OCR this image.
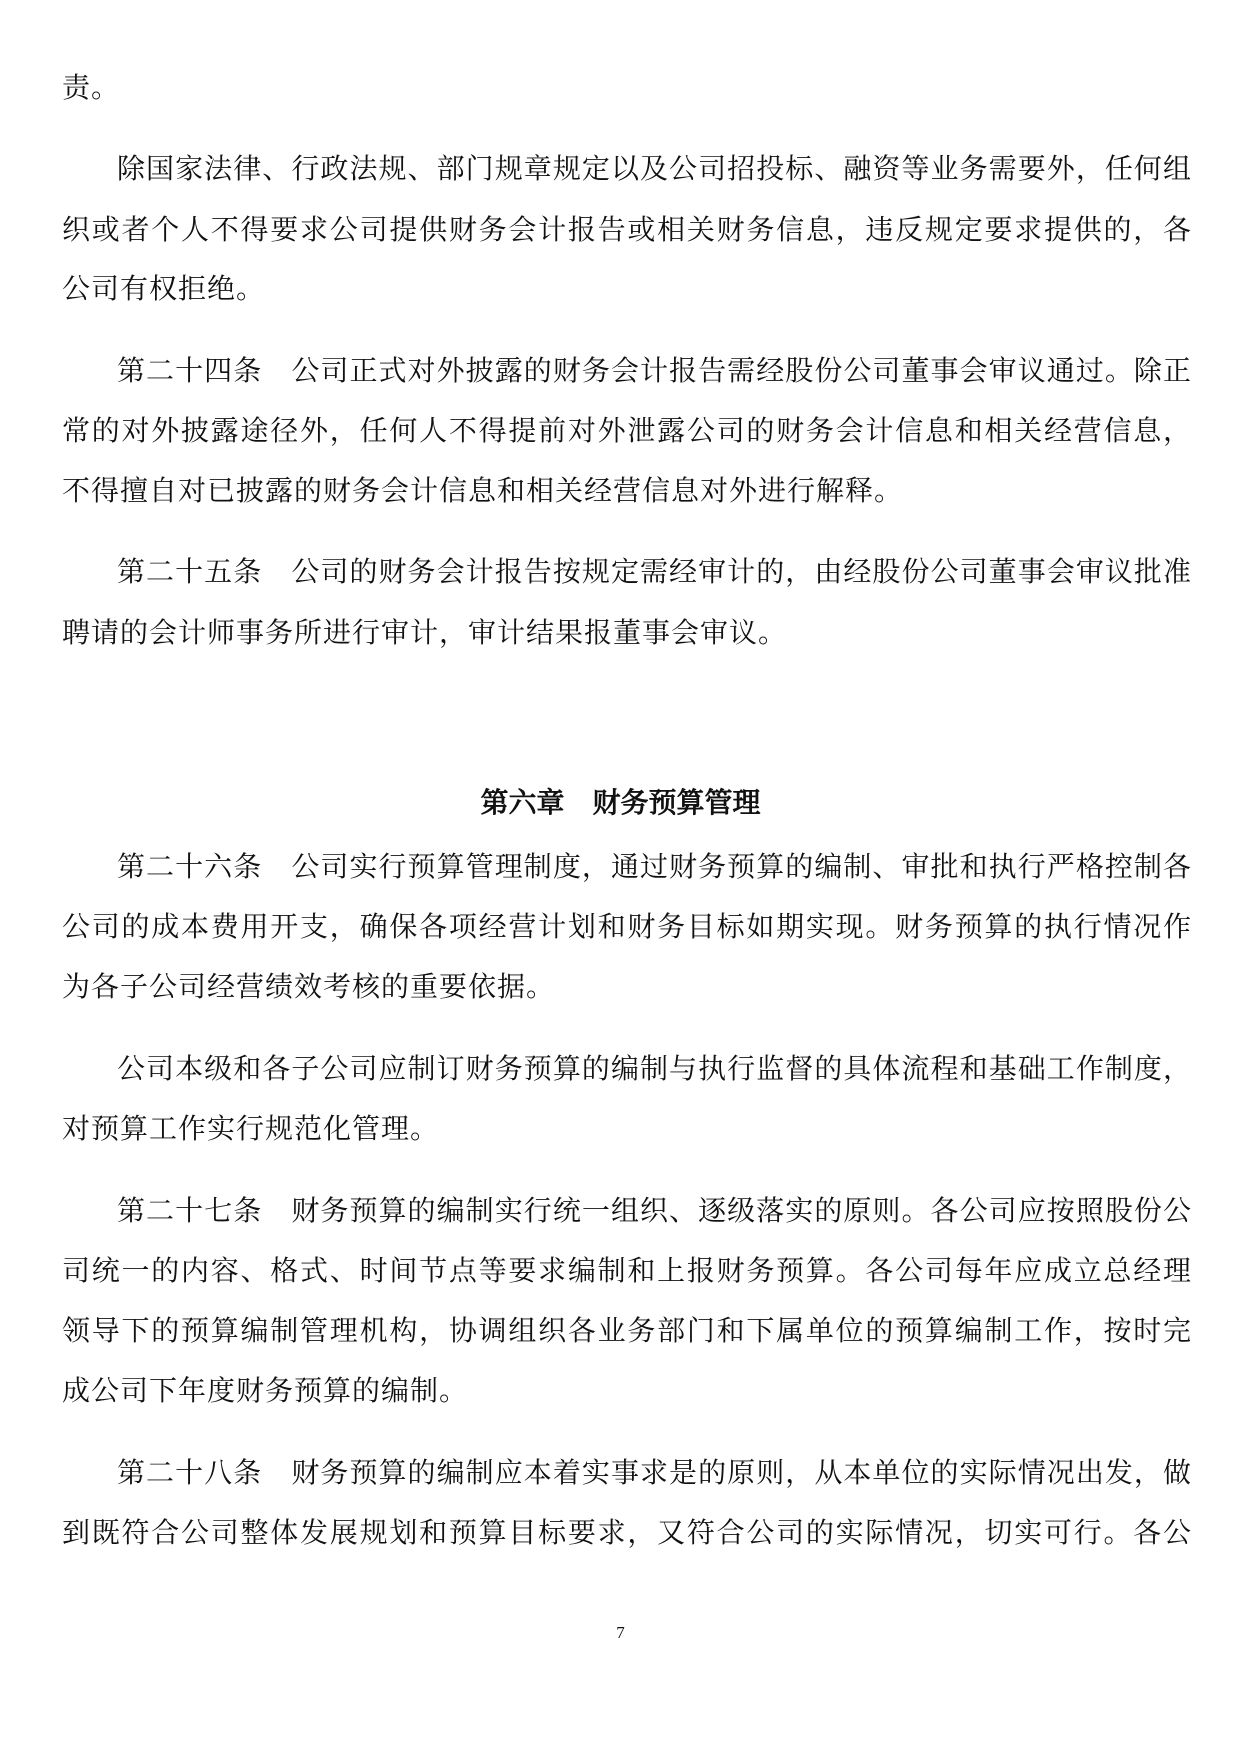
责。
除国家法律、行政法规、部门规章规定以及公司招投标、融资等业务需要外，任何组
织或者个人不得要求公司提供财务会计报告或相关财务信息，违反规定要求提供的，各
公司有权拒绝。
第二十四条　公司正式对外披露的财务会计报告需经股份公司董事会审议通过。除正
常的对外披露途径外，任何人不得提前对外泄露公司的财务会计信息和相关经营信息，
不得擅自对已披露的财务会计信息和相关经营信息对外进行解释。
第二十五条　公司的财务会计报告按规定需经审计的，由经股份公司董事会审议批准
聘请的会计师事务所进行审计，审计结果报董事会审议。
第六章　财务预算管理
第二十六条　公司实行预算管理制度，通过财务预算的编制、审批和执行严格控制各
公司的成本费用开支，确保各项经营计划和财务目标如期实现。财务预算的执行情况作
为各子公司经营绩效考核的重要依据。
公司本级和各子公司应制订财务预算的编制与执行监督的具体流程和基础工作制度，
对预算工作实行规范化管理。
第二十七条　财务预算的编制实行统一组织、逐级落实的原则。各公司应按照股份公
司统一的内容、格式、时间节点等要求编制和上报财务预算。各公司每年应成立总经理
领导下的预算编制管理机构，协调组织各业务部门和下属单位的预算编制工作，按时完
成公司下年度财务预算的编制。
第二十八条　财务预算的编制应本着实事求是的原则，从本单位的实际情况出发，做
到既符合公司整体发展规划和预算目标要求，又符合公司的实际情况，切实可行。各公
7
